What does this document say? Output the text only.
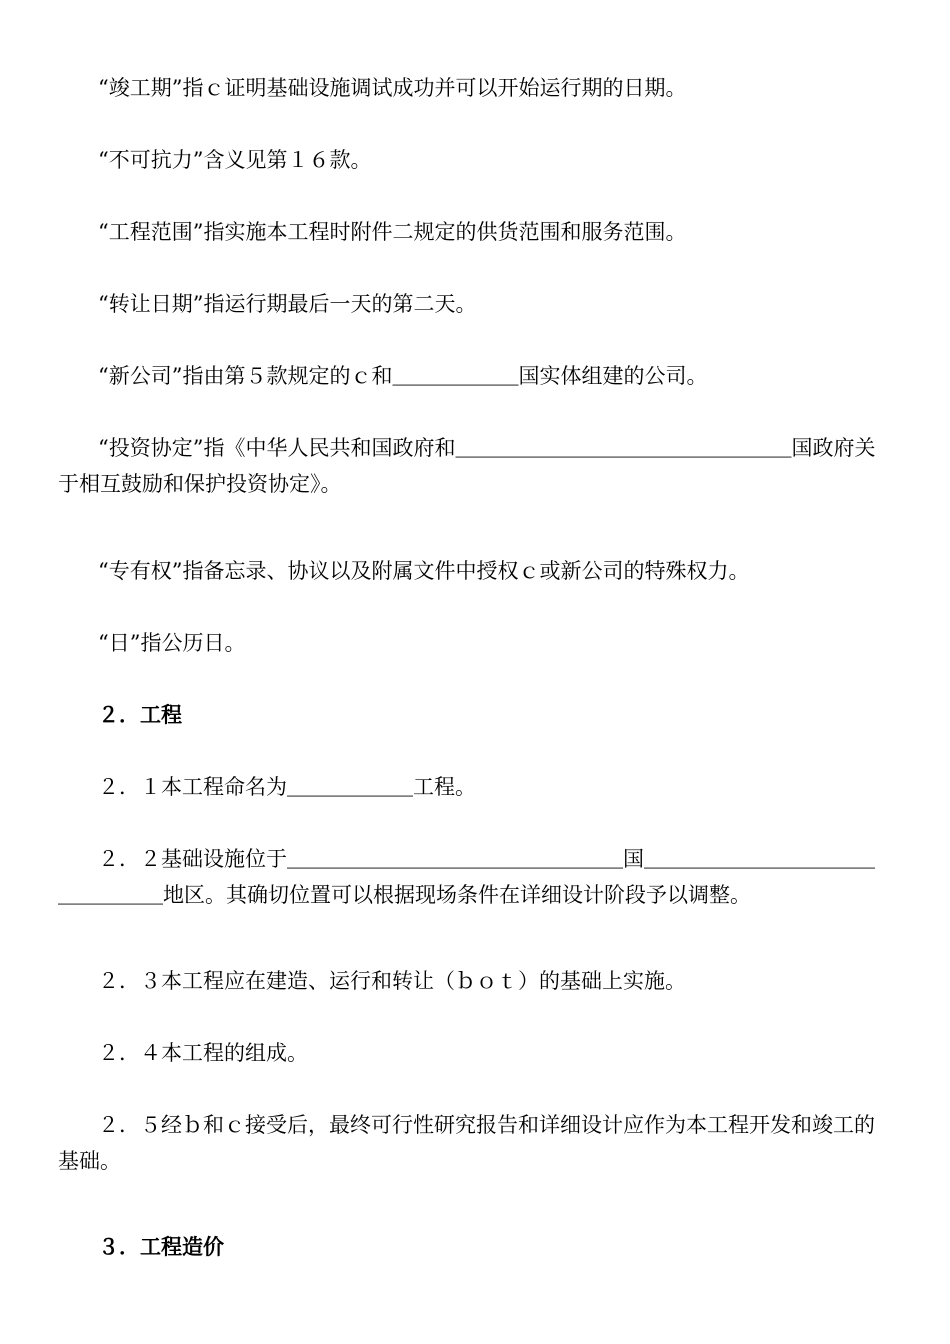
“竣工期”指ｃ证明基础设施调试成功并可以开始运行期的日期。

“不可抗力”含义见第１６款。

“工程范围”指实施本工程时附件二规定的供货范围和服务范围。

“转让日期”指运行期最后一天的第二天。

“新公司”指由第５款规定的ｃ和＿＿＿＿＿＿国实体组建的公司。

“投资协定”指《中华人民共和国政府和＿＿＿＿＿＿＿＿＿＿＿＿＿＿＿＿国政府关于相互鼓励和保护投资协定》。

“专有权”指备忘录、协议以及附属文件中授权ｃ或新公司的特殊权力。

“日”指公历日。

２．工程

２．１本工程命名为＿＿＿＿＿＿工程。

２．２基础设施位于＿＿＿＿＿＿＿＿＿＿＿＿＿＿＿＿国＿＿＿＿＿＿＿＿＿＿＿＿＿＿＿＿地区。其确切位置可以根据现场条件在详细设计阶段予以调整。

２．３本工程应在建造、运行和转让（ｂｏｔ）的基础上实施。

２．４本工程的组成。

２．５经ｂ和ｃ接受后，最终可行性研究报告和详细设计应作为本工程开发和竣工的基础。

３．工程造价
